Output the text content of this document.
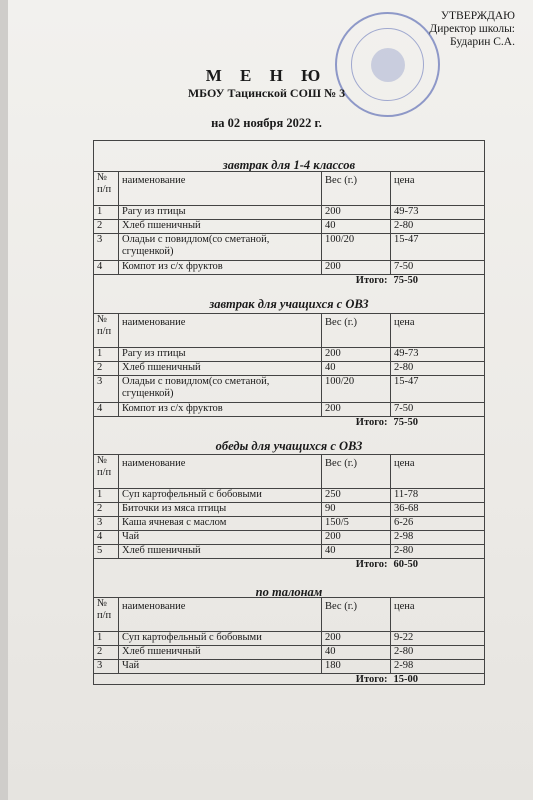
УТВЕРЖДАЮ
Директор школы:
Бударин С.А.
М Е Н Ю
МБОУ Тацинской СОШ № 3
на 02 ноября 2022 г.
завтрак для 1-4 классов
№ п/п	наименование	Вес (г.)	цена
1	Рагу из птицы	200	49-73
2	Хлеб пшеничный	40	2-80
3	Оладьи с повидлом(со сметаной, сгущенкой)	100/20	15-47
4	Компот из с/х фруктов	200	7-50
Итого:			75-50
завтрак для учащихся с ОВЗ
№ п/п	наименование	Вес (г.)	цена
1	Рагу из птицы	200	49-73
2	Хлеб пшеничный	40	2-80
3	Оладьи с повидлом(со сметаной, сгущенкой)	100/20	15-47
4	Компот из с/х фруктов	200	7-50
Итого:			75-50
обеды для учащихся с ОВЗ
№ п/п	наименование	Вес (г.)	цена
1	Суп картофельный с бобовыми	250	11-78
2	Биточки из мяса птицы	90	36-68
3	Каша ячневая с маслом	150/5	6-26
4	Чай	200	2-98
5	Хлеб пшеничный	40	2-80
Итого:			60-50
по талонам
№ п/п	наименование	Вес (г.)	цена
1	Суп картофельный с бобовыми	200	9-22
2	Хлеб пшеничный	40	2-80
3	Чай	180	2-98
Итого:			15-00
